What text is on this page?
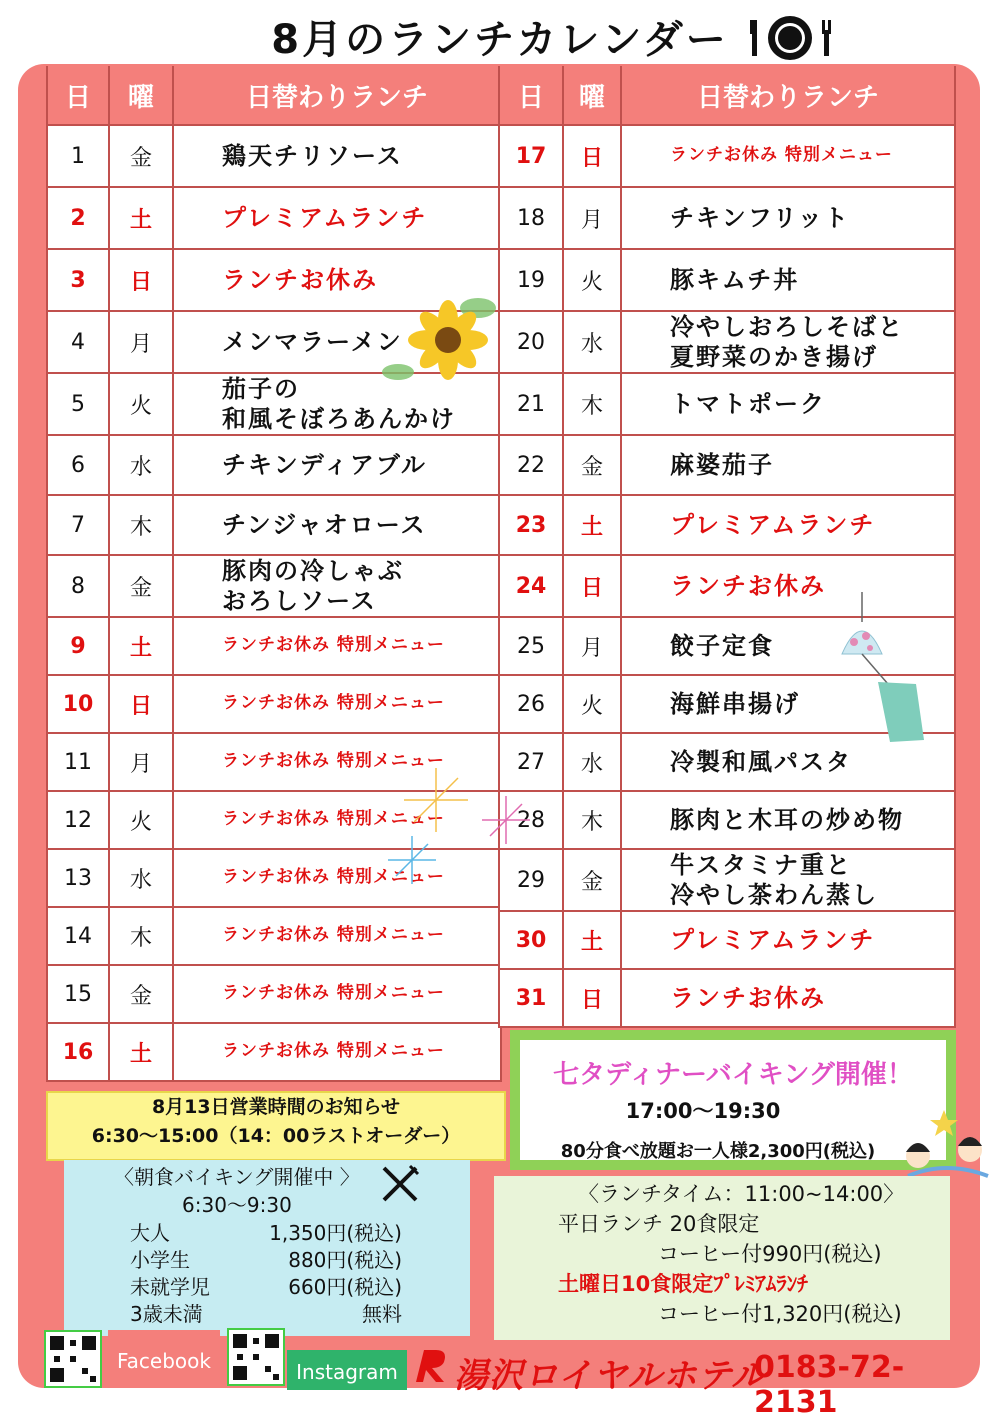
8月のランチカレンダー
日	曜	日替わりランチ
1	金	鶏天チリソース
2	土	プレミアムランチ
3	日	ランチお休み
4	月	メンマラーメン
5	火	茄子の
和風そぼろあんかけ
6	水	チキンディアブル
7	木	チンジャオロース
8	金	豚肉の冷しゃぶ
おろしソース
9	土	ランチお休み 特別メニュー
10	日	ランチお休み 特別メニュー
11	月	ランチお休み 特別メニュー
12	火	ランチお休み 特別メニュー
13	水	ランチお休み 特別メニュー
14	木	ランチお休み 特別メニュー
15	金	ランチお休み 特別メニュー
16	土	ランチお休み 特別メニュー
日	曜	日替わりランチ
17	日	ランチお休み 特別メニュー
18	月	チキンフリット
19	火	豚キムチ丼
20	水	冷やしおろしそばと
夏野菜のかき揚げ
21	木	トマトポーク
22	金	麻婆茄子
23	土	プレミアムランチ
24	日	ランチお休み
25	月	餃子定食
26	火	海鮮串揚げ
27	水	冷製和風パスタ
28	木	豚肉と木耳の炒め物
29	金	牛スタミナ重と
冷やし茶わん蒸し
30	土	プレミアムランチ
31	日	ランチお休み
8月13日営業時間のお知らせ
6:30～15:00（14：00ラストオーダー）
七タディナーバイキング開催！
17:00～19:30
80分食べ放題お一人様2,300円(税込)
〈朝食バイキング開催中 〉
6:30～9:30
大人	1,350円(税込)
小学生	880円(税込)
未就学児	660円(税込)
3歳未満	無料
〈ランチタイム：11:00~14:00〉
平日ランチ 20食限定
コーヒー付990円(税込)
土曜日10食限定ﾌﾟﾚﾐｱﾑﾗﾝﾁ
コーヒー付1,320円(税込)
Facebook	Instagram 湯沢ロイヤルホテル
0183-72-2131
